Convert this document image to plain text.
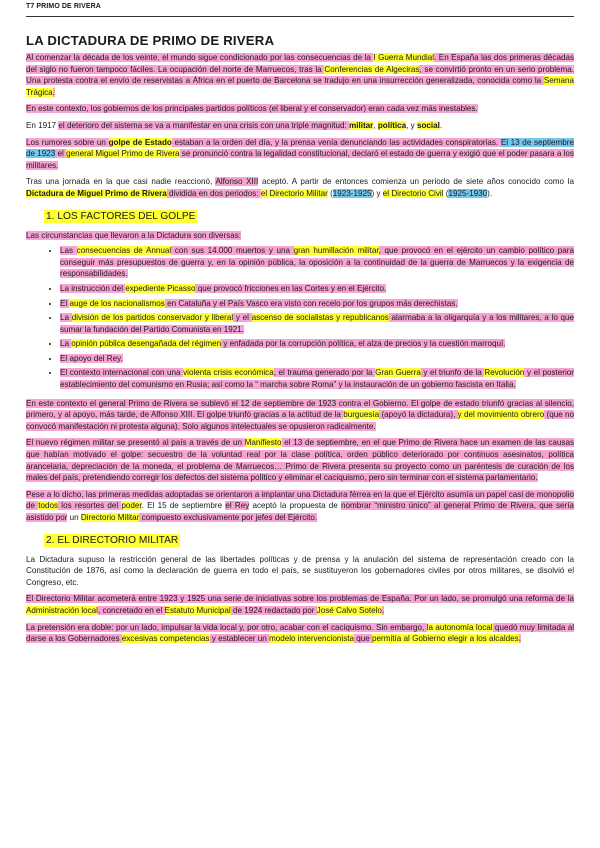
T7 PRIMO DE RIVERA
LA DICTADURA DE PRIMO DE RIVERA

Al comenzar la década de los veinte, el mundo sigue condicionado por las consecuencias de la I Guerra Mundial. En España las dos primeras décadas del siglo no fueron tampoco fáciles. La ocupación del norte de Marruecos, tras la Conferencias de Algeciras, se convirtió pronto en un serio problema. Una protesta contra el envío de reservistas a África en el puerto de Barcelona se tradujo en una insurrección generalizada, conocida como la Semana Trágica.

En este contexto, los gobiernos de los principales partidos políticos (el liberal y el conservador) eran cada vez más inestables.

En 1917 el deterioro del sistema se va a manifestar en una crisis con una triple magnitud: militar, política, y social.

Los rumores sobre un golpe de Estado estaban a la orden del día, y la prensa venía denunciando las actividades conspiratorias. El 13 de septiembre de 1923 el general Miguel Primo de Rivera se pronunció contra la legalidad constitucional, declaró el estado de guerra y exigió que el poder pasara a los militares.

Tras una jornada en la que casi nadie reaccionó, Alfonso XIII aceptó. A partir de entonces comienza un periodo de siete años conocido como la Dictadura de Miguel Primo de Rivera dividida en dos periodos: el Directorio Militar (1923-1925) y el Directorio Civil (1925-1930).

1. LOS FACTORES DEL GOLPE

Las circunstancias que llevaron a la Dictadura son diversas:

• Las consecuencias de Annual con sus 14.000 muertos y una gran humillación militar, que provocó en el ejército un cambio político para conseguir más presupuestos de guerra y, en la opinión pública, la oposición a la continuidad de la guerra de Marruecos y la exigencia de responsabilidades.
• La instrucción del expediente Picasso que provocó fricciones en las Cortes y en el Ejército.
• El auge de los nacionalismos en Cataluña y el País Vasco era visto con recelo por los grupos más derechistas.
• La división de los partidos conservador y liberal y el ascenso de socialistas y republicanos alarmaba a la oligarquía y a los militares, a lo que sumar la fundación del Partido Comunista en 1921.
• La opinión pública desengañada del régimen y enfadada por la corrupción política, el alza de precios y la cuestión marroquí.
• El apoyo del Rey.
• El contexto internacional con una violenta crisis económica, el trauma generado por la Gran Guerra y el triunfo de la Revolución y el posterior establecimiento del comunismo en Rusia; así como la “ marcha sobre Roma” y la instauración de un gobierno fascista en Italia.

En este contexto el general Primo de Rivera se sublevó el 12 de septiembre de 1923 contra el Gobierno. El golpe de estado triunfó gracias al silencio, primero, y al apoyo, más tarde, de Alfonso XIII. El golpe triunfó gracias a la actitud de la burguesía (apoyó la dictadura), y del movimiento obrero (que no convocó manifestación ni protesta alguna). Solo algunos intelectuales se opusieron radicalmente.

El nuevo régimen militar se presentó al país a través de un Manifiesto el 13 de septiembre, en el que Primo de Rivera hace un examen de las causas que habían motivado el golpe: secuestro de la voluntad real por la clase política, orden público deteriorado por continuos asesinatos, política arancelaria, depreciación de la moneda, el problema de Marruecos… Primo de Rivera presenta su proyecto como un paréntesis de curación de los males del país, pretendiendo corregir los defectos del sistema político y eliminar el caciquismo, pero sin terminar con el sistema parlamentario.

Pese a lo dicho, las primeras medidas adoptadas se orientaron a implantar una Dictadura férrea en la que el Ejército asumía un papel casi de monopolio de todos los resortes del poder. El 15 de septiembre el Rey aceptó la propuesta de nombrar “ministro único” al general Primo de Rivera, que sería asistido por un Directorio Militar compuesto exclusivamente por jefes del Ejército.

2. EL DIRECTORIO MILITAR

La Dictadura supuso la restricción general de las libertades políticas y de prensa y la anulación del sistema de representación creado con la Constitución de 1876, así como la declaración de guerra en todo el país, se sustituyeron los gobernadores civiles por otros militares, se disolvió el Congreso, etc.

El Directorio Militar acometerá entre 1923 y 1925 una serie de iniciativas sobre los problemas de España. Por un lado, se promulgó una reforma de la Administración local, concretado en el Estatuto Municipal de 1924 redactado por José Calvo Sotelo.

La pretensión era doble: por un lado, impulsar la vida local y, por otro, acabar con el caciquismo. Sin embargo, la autonomía local quedó muy limitada al darse a los Gobernadores excesivas competencias y establecer un modelo intervencionista que permitía al Gobierno elegir a los alcaldes.
